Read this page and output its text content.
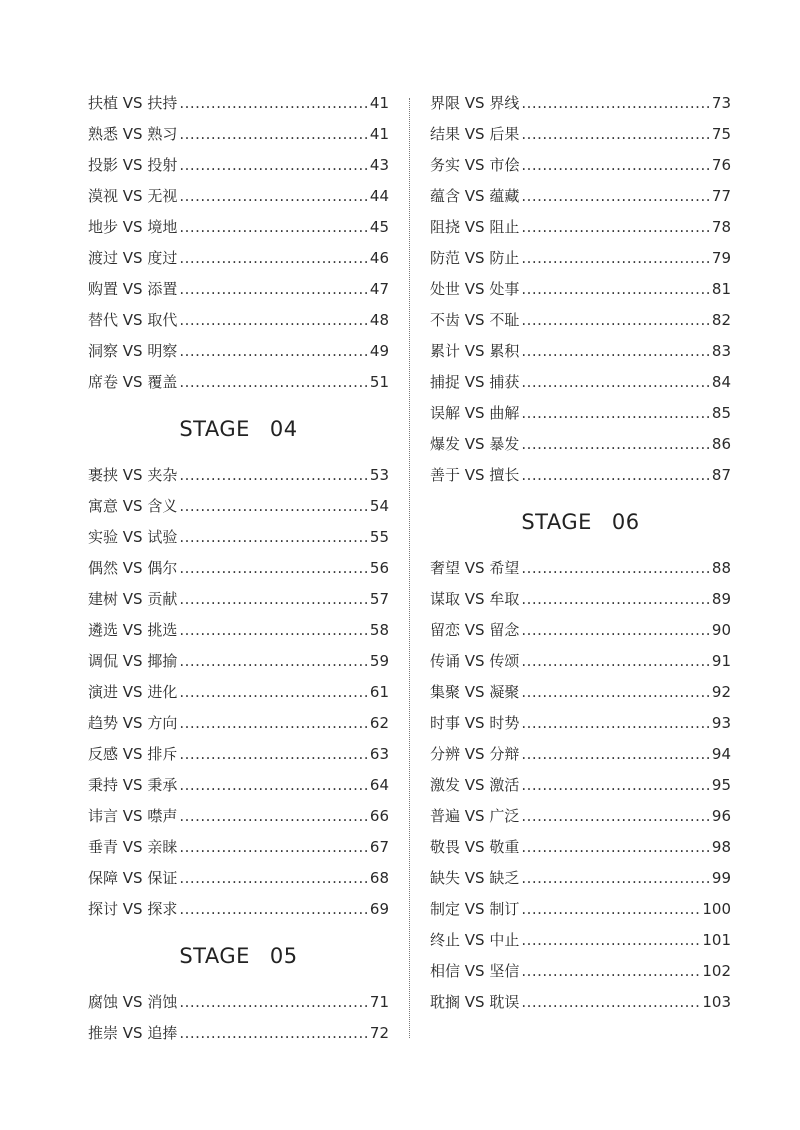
扶植 VS 扶持 .....	41
熟悉 VS 熟习 .....	41
投影 VS 投射 .....	43
漠视 VS 无视 .....	44
地步 VS 境地 .....	45
渡过 VS 度过 .....	46
购置 VS 添置 .....	47
替代 VS 取代 .....	48
洞察 VS 明察 .....	49
席卷 VS 覆盖 .....	51
STAGE 04
裹挟 VS 夹杂 .....	53
寓意 VS 含义 .....	54
实验 VS 试验 .....	55
偶然 VS 偶尔 .....	56
建树 VS 贡献 .....	57
遴选 VS 挑选 .....	58
调侃 VS 揶揄 .....	59
演进 VS 进化 .....	61
趋势 VS 方向 .....	62
反感 VS 排斥 .....	63
秉持 VS 秉承 .....	64
讳言 VS 噤声 .....	66
垂青 VS 亲睐 .....	67
保障 VS 保证 .....	68
探讨 VS 探求 .....	69
STAGE 05
腐蚀 VS 消蚀 .....	71
推崇 VS 追捧 .....	72
界限 VS 界线 .....	73
结果 VS 后果 .....	75
务实 VS 市侩 .....	76
蕴含 VS 蕴藏 .....	77
阻挠 VS 阻止 .....	78
防范 VS 防止 .....	79
处世 VS 处事 .....	81
不齿 VS 不耻 .....	82
累计 VS 累积 .....	83
捕捉 VS 捕获 .....	84
误解 VS 曲解 .....	85
爆发 VS 暴发 .....	86
善于 VS 擅长 .....	87
STAGE 06
奢望 VS 希望 .....	88
谋取 VS 牟取 .....	89
留恋 VS 留念 .....	90
传诵 VS 传颂 .....	91
集聚 VS 凝聚 .....	92
时事 VS 时势 .....	93
分辨 VS 分辩 .....	94
激发 VS 激活 .....	95
普遍 VS 广泛 .....	96
敬畏 VS 敬重 .....	98
缺失 VS 缺乏 .....	99
制定 VS 制订 .....	100
终止 VS 中止 .....	101
相信 VS 坚信 .....	102
耽搁 VS 耽误 .....	103
